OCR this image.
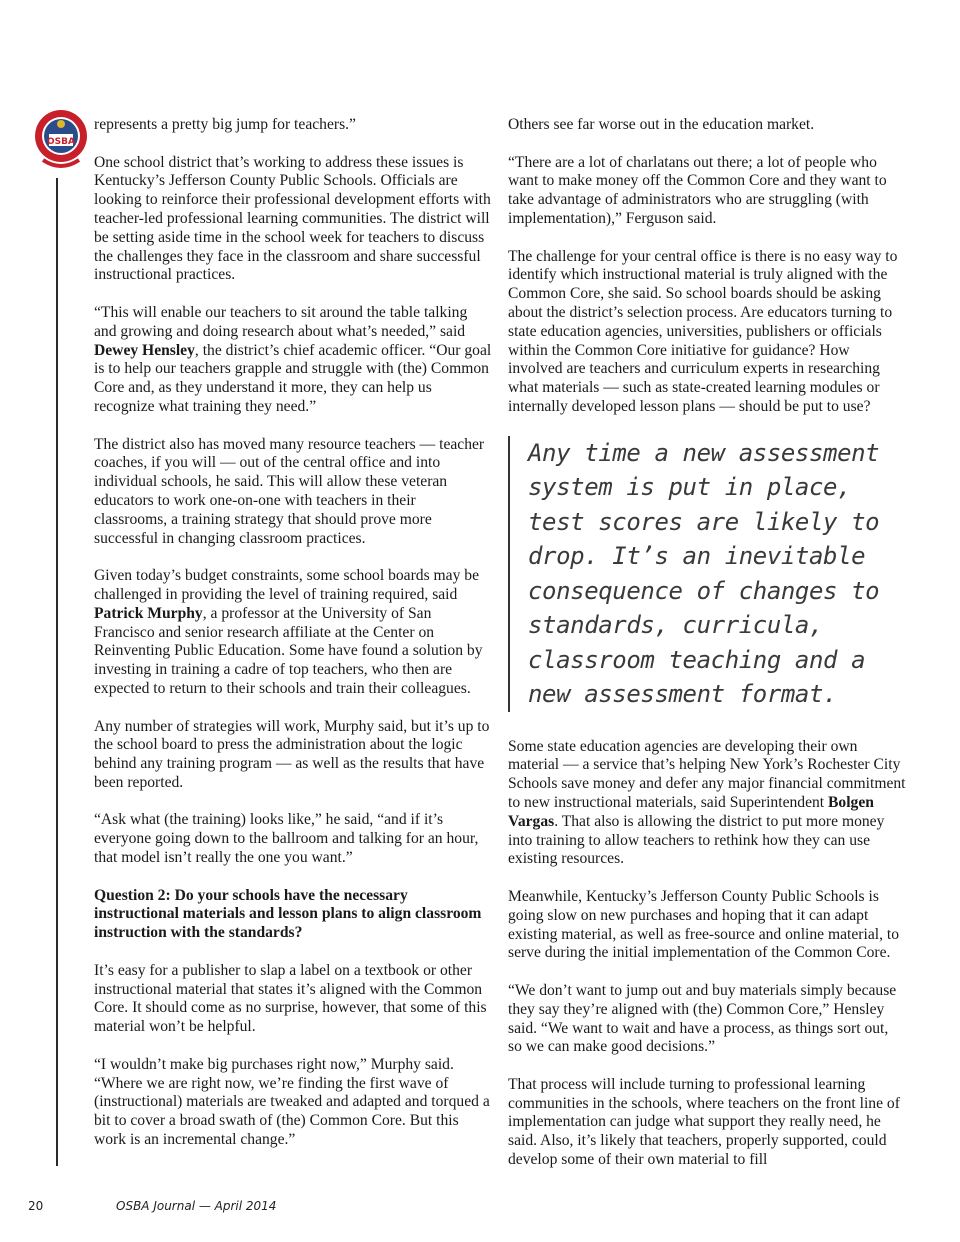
OSBA

represents a pretty big jump for teachers.”

One school district that’s working to address these issues is Kentucky’s Jefferson County Public Schools. Officials are looking to reinforce their professional development efforts with teacher-led professional learning communities. The district will be setting aside time in the school week for teachers to discuss the challenges they face in the classroom and share successful instructional practices.

“This will enable our teachers to sit around the table talking and growing and doing research about what’s needed,” said Dewey Hensley, the district’s chief academic officer. “Our goal is to help our teachers grapple and struggle with (the) Common Core and, as they understand it more, they can help us recognize what training they need.”

The district also has moved many resource teachers — teacher coaches, if you will — out of the central office and into individual schools, he said. This will allow these veteran educators to work one-on-one with teachers in their classrooms, a training strategy that should prove more successful in changing classroom practices.

Given today’s budget constraints, some school boards may be challenged in providing the level of training required, said Patrick Murphy, a professor at the University of San Francisco and senior research affiliate at the Center on Reinventing Public Education. Some have found a solution by investing in training a cadre of top teachers, who then are expected to return to their schools and train their colleagues.

Any number of strategies will work, Murphy said, but it’s up to the school board to press the administration about the logic behind any training program — as well as the results that have been reported.

“Ask what (the training) looks like,” he said, “and if it’s everyone going down to the ballroom and talking for an hour, that model isn’t really the one you want.”

Question 2: Do your schools have the necessary instructional materials and lesson plans to align classroom instruction with the standards?

It’s easy for a publisher to slap a label on a textbook or other instructional material that states it’s aligned with the Common Core. It should come as no surprise, however, that some of this material won’t be helpful.

“I wouldn’t make big purchases right now,” Murphy said. “Where we are right now, we’re finding the first wave of (instructional) materials are tweaked and adapted and torqued a bit to cover a broad swath of (the) Common Core. But this work is an incremental change.”

Others see far worse out in the education market.

“There are a lot of charlatans out there; a lot of people who want to make money off the Common Core and they want to take advantage of administrators who are struggling (with implementation),” Ferguson said.

The challenge for your central office is there is no easy way to identify which instructional material is truly aligned with the Common Core, she said. So school boards should be asking about the district’s selection process. Are educators turning to state education agencies, universities, publishers or officials within the Common Core initiative for guidance? How involved are teachers and curriculum experts in researching what materials — such as state-created learning modules or internally developed lesson plans — should be put to use?

Any time a new assessment system is put in place, test scores are likely to drop. It’s an inevitable consequence of changes to standards, curricula, classroom teaching and a new assessment format.

Some state education agencies are developing their own material — a service that’s helping New York’s Rochester City Schools save money and defer any major financial commitment to new instructional materials, said Superintendent Bolgen Vargas. That also is allowing the district to put more money into training to allow teachers to rethink how they can use existing resources.

Meanwhile, Kentucky’s Jefferson County Public Schools is going slow on new purchases and hoping that it can adapt existing material, as well as free-source and online material, to serve during the initial implementation of the Common Core.

“We don’t want to jump out and buy materials simply because they say they’re aligned with (the) Common Core,” Hensley said. “We want to wait and have a process, as things sort out, so we can make good decisions.”

That process will include turning to professional learning communities in the schools, where teachers on the front line of implementation can judge what support they really need, he said. Also, it’s likely that teachers, properly supported, could develop some of their own material to fill

20	OSBA Journal — April 2014
